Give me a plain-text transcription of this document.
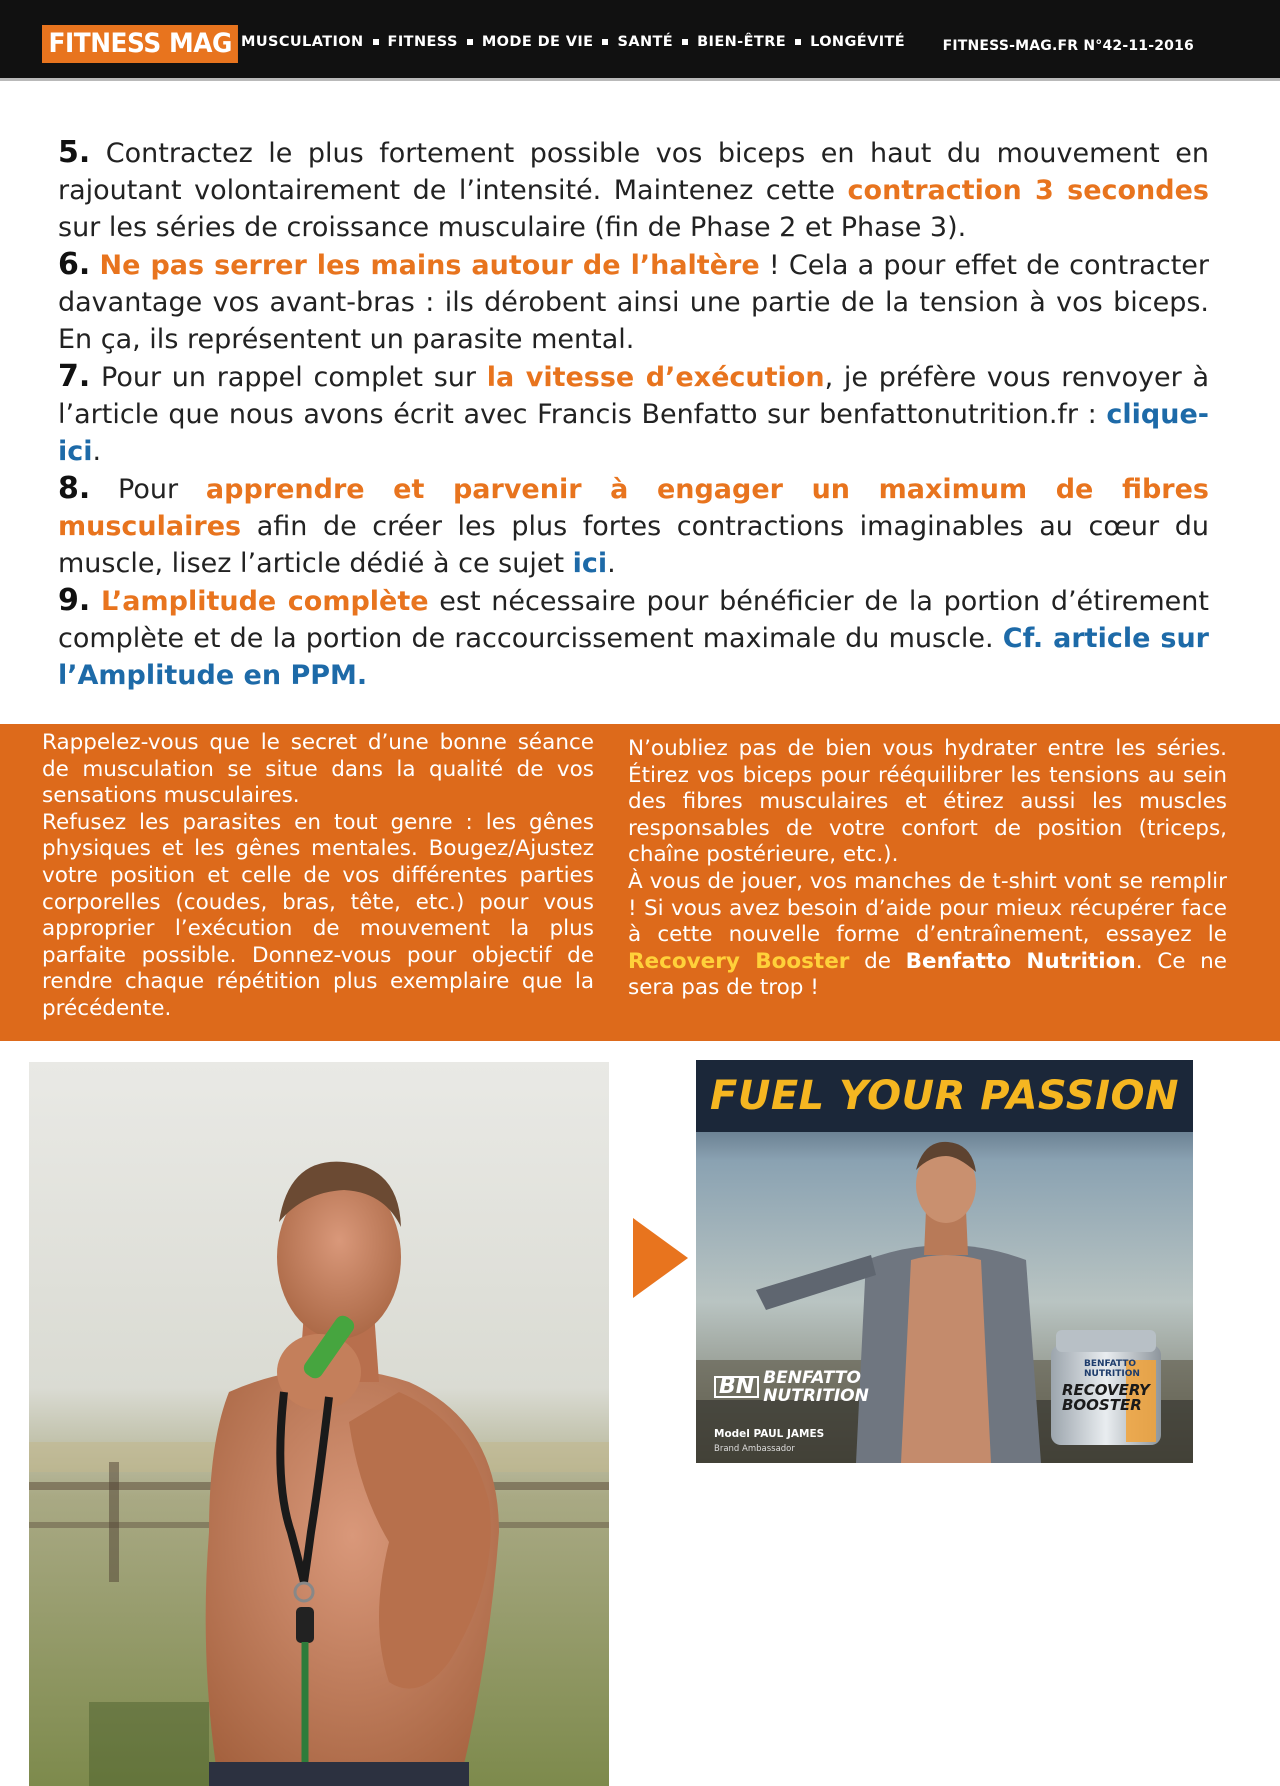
FITNESS MAG MUSCULATION FITNESS MODE DE VIE SANTÉ BIEN-ÊTRE LONGÉVITÉ	FITNESS-MAG.FR N°42-11-2016

5. Contractez le plus fortement possible vos biceps en haut du mouvement en rajoutant volontairement de l’intensité. Maintenez cette contraction 3 secondes sur les séries de croissance musculaire (fin de Phase 2 et Phase 3).

6. Ne pas serrer les mains autour de l’haltère ! Cela a pour effet de contracter davantage vos avant-bras : ils dérobent ainsi une partie de la tension à vos biceps. En ça, ils représentent un parasite mental.

7. Pour un rappel complet sur la vitesse d’exécution, je préfère vous renvoyer à l’article que nous avons écrit avec Francis Benfatto sur benfattonutrition.fr : clique-ici.

8. Pour apprendre et parvenir à engager un maximum de fibres musculaires afin de créer les plus fortes contractions imaginables au cœur du muscle, lisez l’article dédié à ce sujet ici.

9. L’amplitude complète est nécessaire pour bénéficier de la portion d’étirement complète et de la portion de raccourcissement maximale du muscle. Cf. article sur l’Amplitude en PPM.

Rappelez-vous que le secret d’une bonne séance de musculation se situe dans la qualité de vos sensations musculaires.

Refusez les parasites en tout genre : les gênes physiques et les gênes mentales. Bougez/Ajustez votre position et celle de vos différentes parties corporelles (coudes, bras, tête, etc.) pour vous approprier l’exécution de mouvement la plus parfaite possible. Donnez-vous pour objectif de rendre chaque répétition plus exemplaire que la précédente.

N’oubliez pas de bien vous hydrater entre les séries. Étirez vos biceps pour rééquilibrer les tensions au sein des fibres musculaires et étirez aussi les muscles responsables de votre confort de position (triceps, chaîne postérieure, etc.).

À vous de jouer, vos manches de t-shirt vont se remplir ! Si vous avez besoin d’aide pour mieux récupérer face à cette nouvelle forme d’entraînement, essayez le Recovery Booster de Benfatto Nutrition. Ce ne sera pas de trop !

FUEL YOUR PASSION
BN BENFATTO
NUTRITION
Model PAUL JAMES
Brand Ambassador
BENFATTO NUTRITION
RECOVERY
BOOSTER
